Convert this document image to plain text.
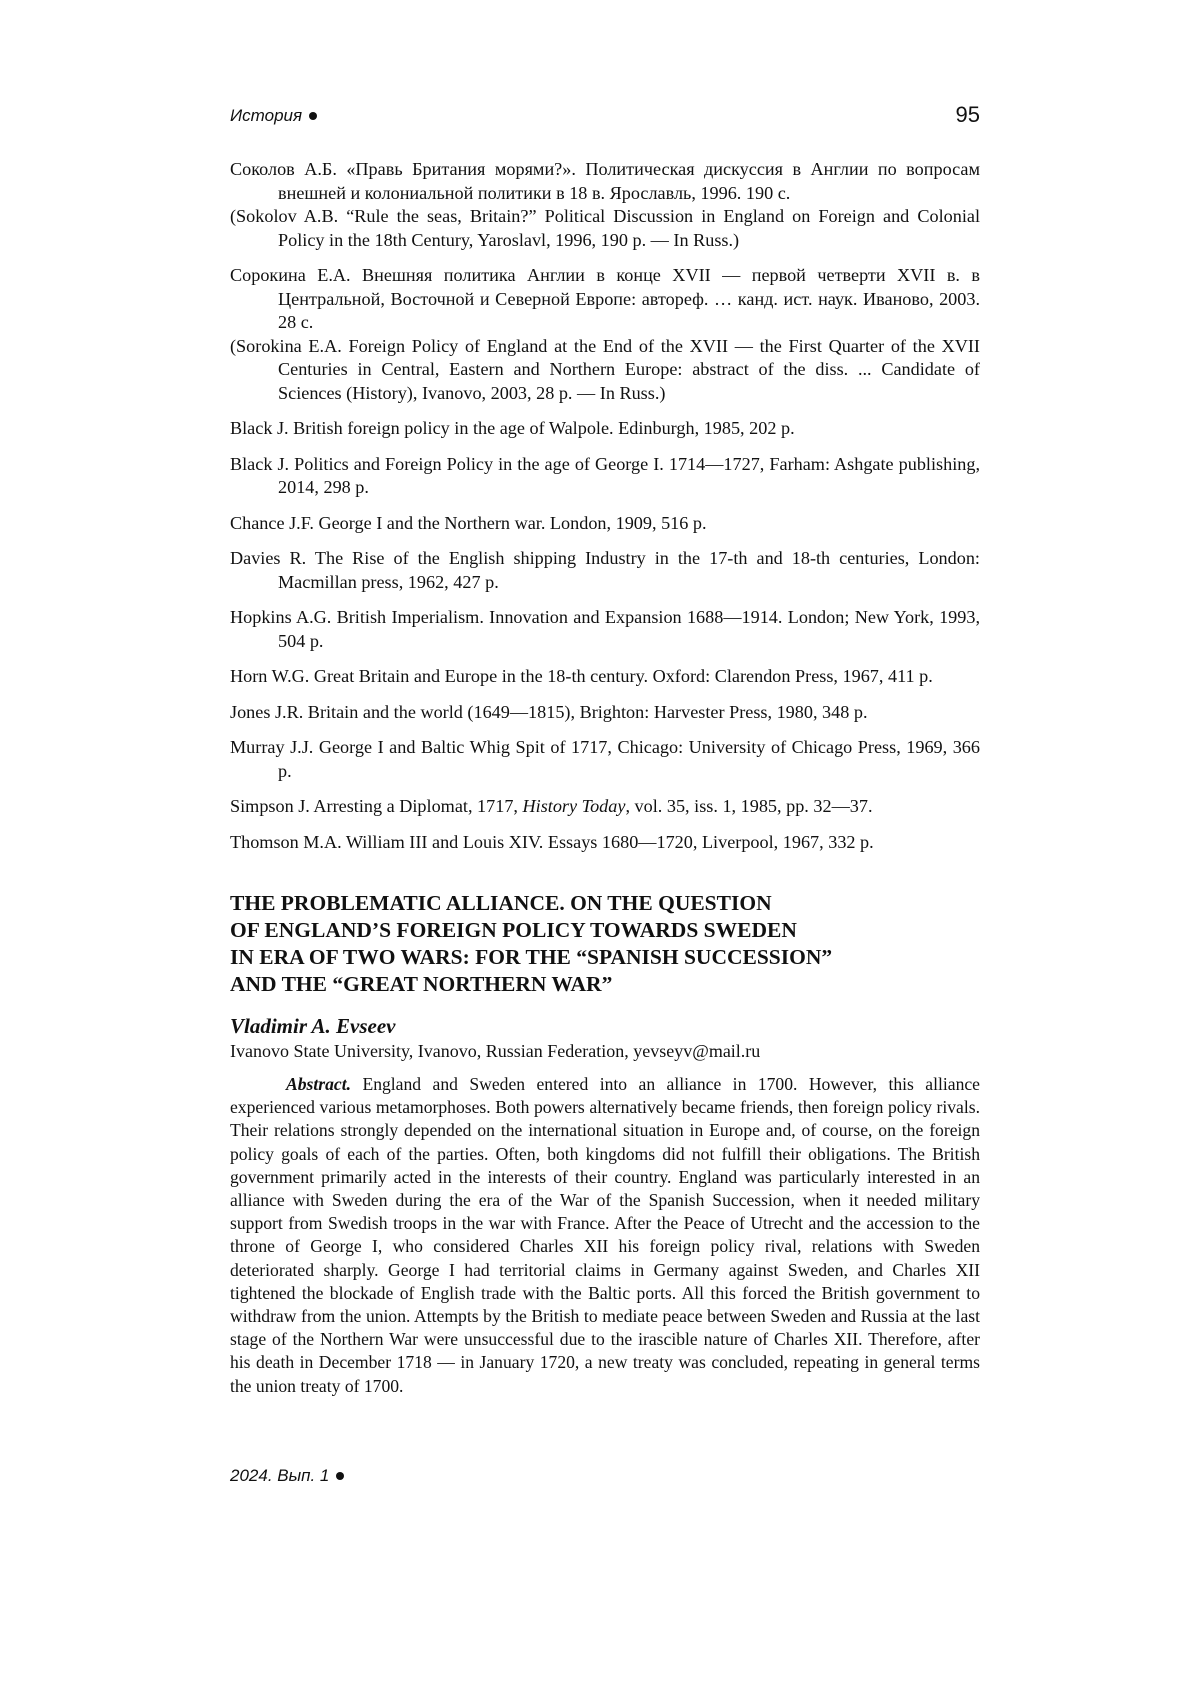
История	95

Соколов А.Б. «Правь Британия морями?». Политическая дискуссия в Англии по вопросам внешней и колониальной политики в 18 в. Ярославль, 1996. 190 с.

(Sokolov A.B. “Rule the seas, Britain?” Political Discussion in England on Foreign and Colonial Policy in the 18th Century, Yaroslavl, 1996, 190 p. — In Russ.)

Сорокина Е.А. Внешняя политика Англии в конце XVII — первой четверти XVII в. в Центральной, Восточной и Северной Европе: автореф. … канд. ист. наук. Иваново, 2003. 28 с.

(Sorokina E.A. Foreign Policy of England at the End of the XVII — the First Quarter of the XVII Centuries in Central, Eastern and Northern Europe: abstract of the diss. ... Candidate of Sciences (History), Ivanovo, 2003, 28 p. — In Russ.)

Black J. British foreign policy in the age of Walpole. Edinburgh, 1985, 202 p.

Black J. Politics and Foreign Policy in the age of George I. 1714—1727, Farham: Ashgate publishing, 2014, 298 p.

Chance J.F. George I and the Northern war. London, 1909, 516 p.

Davies R. The Rise of the English shipping Industry in the 17-th and 18-th centuries, London: Macmillan press, 1962, 427 p.

Hopkins A.G. British Imperialism. Innovation and Expansion 1688—1914. London; New York, 1993, 504 p.

Horn W.G. Great Britain and Europe in the 18-th century. Oxford: Clarendon Press, 1967, 411 p.

Jones J.R. Britain and the world (1649—1815), Brighton: Harvester Press, 1980, 348 p.

Murray J.J. George I and Baltic Whig Spit of 1717, Chicago: University of Chicago Press, 1969, 366 p.

Simpson J. Arresting a Diplomat, 1717, History Today, vol. 35, iss. 1, 1985, pp. 32—37.

Thomson M.A. William III and Louis XIV. Essays 1680—1720, Liverpool, 1967, 332 p.

THE PROBLEMATIC ALLIANCE. ON THE QUESTION
OF ENGLAND’S FOREIGN POLICY TOWARDS SWEDEN
IN ERA OF TWO WARS: FOR THE “SPANISH SUCCESSION”
AND THE “GREAT NORTHERN WAR”
Vladimir A. Evseev
Ivanovo State University, Ivanovo, Russian Federation, yevseyv@mail.ru

Abstract. England and Sweden entered into an alliance in 1700. However, this alliance experienced various metamorphoses. Both powers alternatively became friends, then foreign policy rivals. Their relations strongly depended on the international situation in Europe and, of course, on the foreign policy goals of each of the parties. Often, both kingdoms did not fulfill their obligations. The British government primarily acted in the interests of their country. England was particularly interested in an alliance with Sweden during the era of the War of the Spanish Succession, when it needed military support from Swedish troops in the war with France. After the Peace of Utrecht and the accession to the throne of George I, who considered Charles XII his foreign policy rival, relations with Sweden deteriorated sharply. George I had territorial claims in Germany against Sweden, and Charles XII tightened the blockade of English trade with the Baltic ports. All this forced the British government to withdraw from the union. Attempts by the British to mediate peace between Sweden and Russia at the last stage of the Northern War were unsuccessful due to the irascible nature of Charles XII. Therefore, after his death in December 1718 — in January 1720, a new treaty was concluded, repeating in general terms the union treaty of 1700.

2024. Вып. 1
